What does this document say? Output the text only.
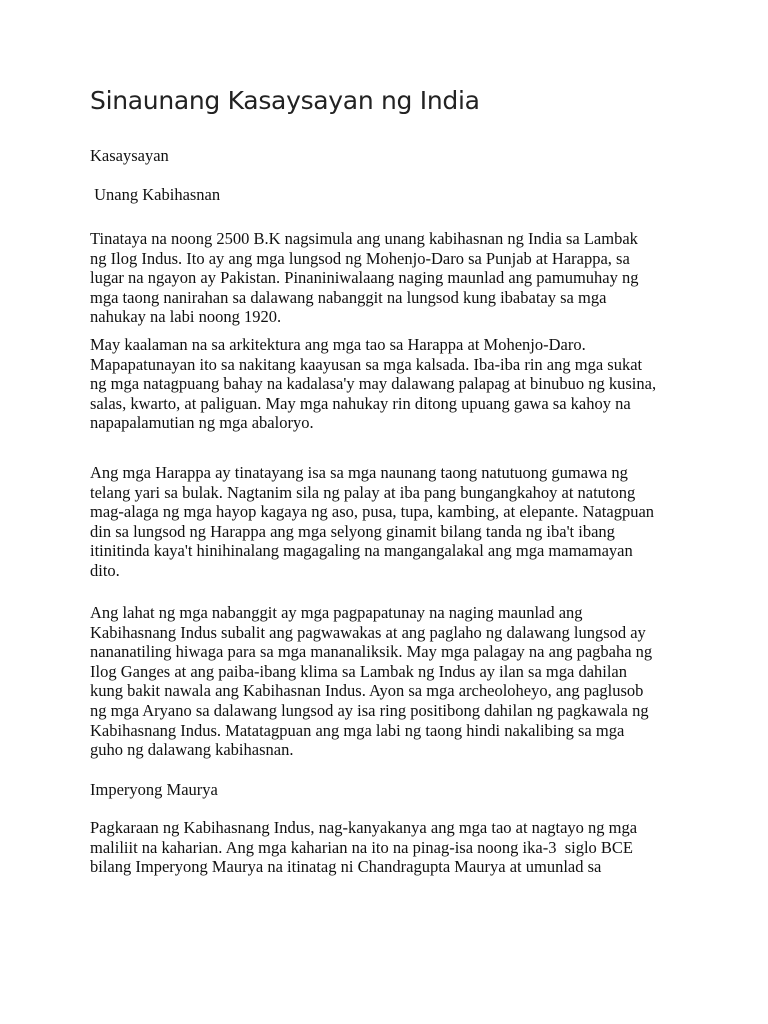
Sinaunang Kasaysayan ng India
Kasaysayan
Unang Kabihasnan
Tinataya na noong 2500 B.K nagsimula ang unang kabihasnan ng India sa Lambak
ng Ilog Indus. Ito ay ang mga lungsod ng Mohenjo-Daro sa Punjab at Harappa, sa
lugar na ngayon ay Pakistan. Pinaniniwalaang naging maunlad ang pamumuhay ng
mga taong nanirahan sa dalawang nabanggit na lungsod kung ibabatay sa mga
nahukay na labi noong 1920.
May kaalaman na sa arkitektura ang mga tao sa Harappa at Mohenjo-Daro.
Mapapatunayan ito sa nakitang kaayusan sa mga kalsada. Iba-iba rin ang mga sukat
ng mga natagpuang bahay na kadalasa'y may dalawang palapag at binubuo ng kusina,
salas, kwarto, at paliguan. May mga nahukay rin ditong upuang gawa sa kahoy na
napapalamutian ng mga abaloryo.
Ang mga Harappa ay tinatayang isa sa mga naunang taong natutuong gumawa ng
telang yari sa bulak. Nagtanim sila ng palay at iba pang bungangkahoy at natutong
mag-alaga ng mga hayop kagaya ng aso, pusa, tupa, kambing, at elepante. Natagpuan
din sa lungsod ng Harappa ang mga selyong ginamit bilang tanda ng iba't ibang
itinitinda kaya't hinihinalang magagaling na mangangalakal ang mga mamamayan
dito.
Ang lahat ng mga nabanggit ay mga pagpapatunay na naging maunlad ang
Kabihasnang Indus subalit ang pagwawakas at ang paglaho ng dalawang lungsod ay
nananatiling hiwaga para sa mga mananaliksik. May mga palagay na ang pagbaha ng
Ilog Ganges at ang paiba-ibang klima sa Lambak ng Indus ay ilan sa mga dahilan
kung bakit nawala ang Kabihasnan Indus. Ayon sa mga archeoloheyo, ang paglusob
ng mga Aryano sa dalawang lungsod ay isa ring positibong dahilan ng pagkawala ng
Kabihasnang Indus. Matatagpuan ang mga labi ng taong hindi nakalibing sa mga
guho ng dalawang kabihasnan.
Imperyong Maurya
Pagkaraan ng Kabihasnang Indus, nag-kanyakanya ang mga tao at nagtayo ng mga
maliliit na kaharian. Ang mga kaharian na ito na pinag-isa noong ika-3  siglo BCE
bilang Imperyong Maurya na itinatag ni Chandragupta Maurya at umunlad sa
